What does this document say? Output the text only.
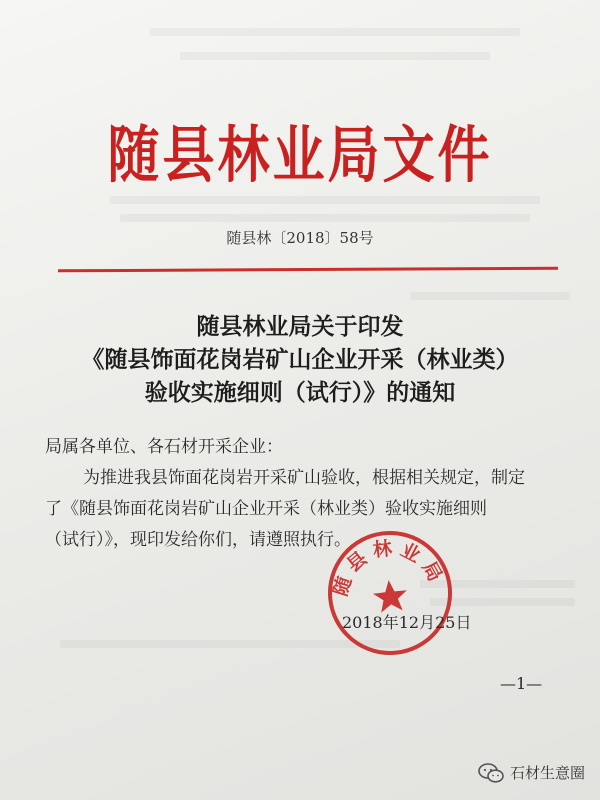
随县林业局文件
随县林〔2018〕58号
随县林业局关于印发
《随县饰面花岗岩矿山企业开采（林业类）
验收实施细则（试行）》的通知
局属各单位、各石材开采企业：
为推进我县饰面花岗岩开采矿山验收，根据相关规定，制定
了《随县饰面花岗岩矿山企业开采（林业类）验收实施细则
（试行）》，现印发给你们，请遵照执行。
随县林业局
2018年12月25日
—1—
石材生意圈
